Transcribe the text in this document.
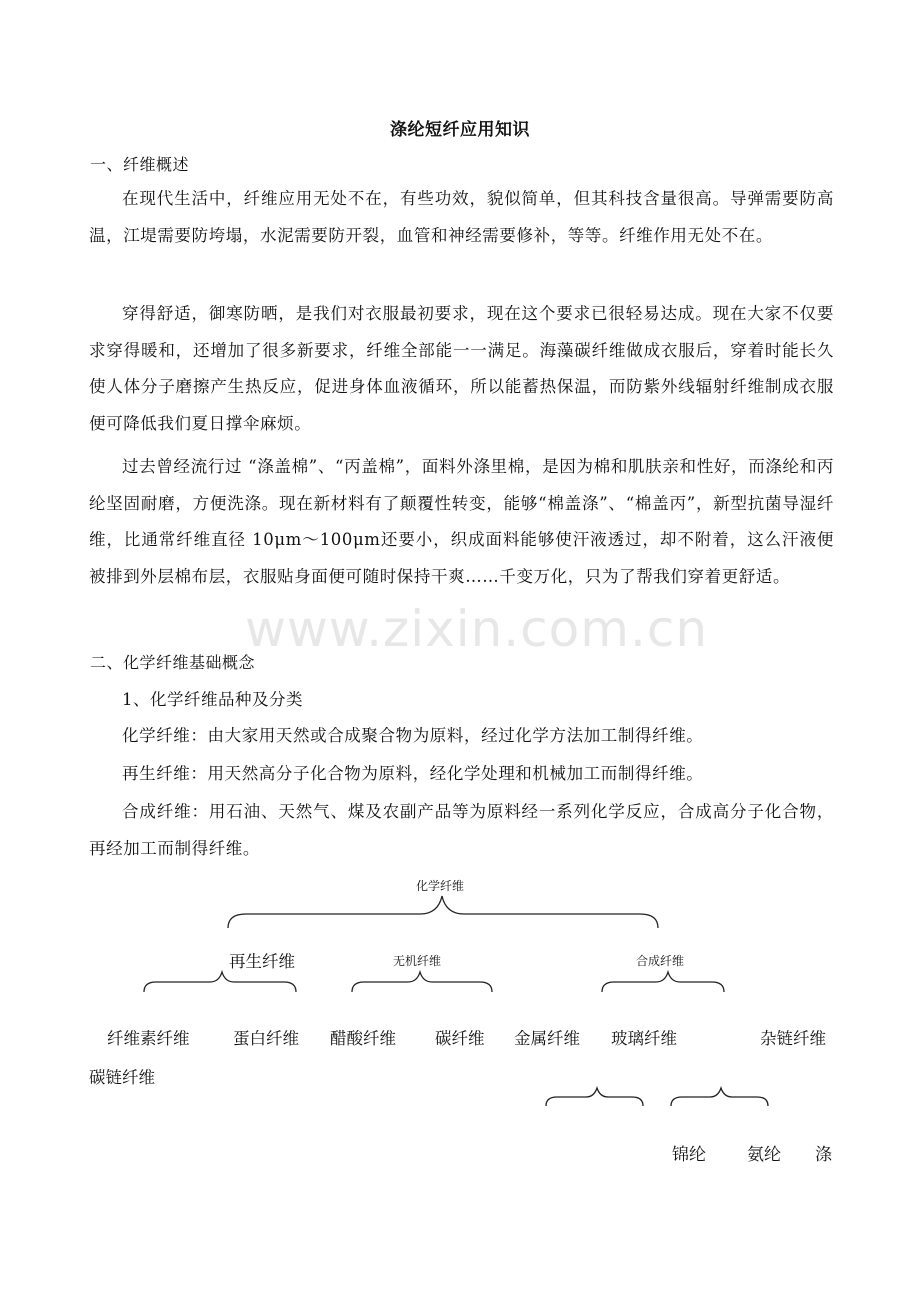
涤纶短纤应用知识
一、纤维概述

在现代生活中，纤维应用无处不在，有些功效，貌似简单，但其科技含量很高。导弹需要防高温，江堤需要防垮塌，水泥需要防开裂，血管和神经需要修补，等等。纤维作用无处不在。

穿得舒适，御寒防晒，是我们对衣服最初要求，现在这个要求已很轻易达成。现在大家不仅要求穿得暖和，还增加了很多新要求，纤维全部能一一满足。海藻碳纤维做成衣服后，穿着时能长久使人体分子磨擦产生热反应，促进身体血液循环，所以能蓄热保温，而防紫外线辐射纤维制成衣服便可降低我们夏日撑伞麻烦。

过去曾经流行过 “涤盖棉”、“丙盖棉”，面料外涤里棉，是因为棉和肌肤亲和性好，而涤纶和丙纶坚固耐磨，方便洗涤。现在新材料有了颠覆性转变，能够“棉盖涤”、“棉盖丙”，新型抗菌导湿纤维，比通常纤维直径 10μm～100μm还要小，织成面料能够使汗液透过，却不附着，这么汗液便被排到外层棉布层，衣服贴身面便可随时保持干爽……千变万化，只为了帮我们穿着更舒适。

二、化学纤维基础概念
1、化学纤维品种及分类

化学纤维：由大家用天然或合成聚合物为原料，经过化学方法加工制得纤维。

再生纤维：用天然高分子化合物为原料，经化学处理和机械加工而制得纤维。

合成纤维：用石油、天然气、煤及农副产品等为原料经一系列化学反应，合成高分子化合物，再经加工而制得纤维。

www.zixin.com.cn
化学纤维
再生纤维	无机纤维	合成纤维
纤维素纤维	蛋白纤维 醋酸纤维 碳纤维 金属纤维 玻璃纤维	杂链纤维
碳链纤维
锦纶 氨纶 涤
